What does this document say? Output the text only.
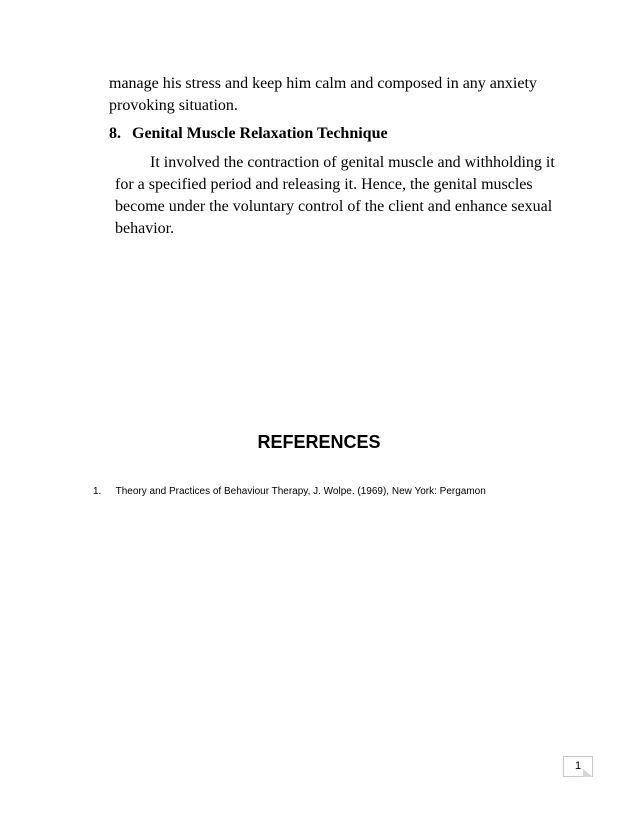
manage his stress and keep him calm and composed in any anxiety provoking situation.
8. Genital Muscle Relaxation Technique
It involved the contraction of genital muscle and withholding it for a specified period and releasing it. Hence, the genital muscles become under the voluntary control of the client and enhance sexual behavior.
REFERENCES
1. Theory and Practices of Behaviour Therapy, J. Wolpe. (1969), New York: Pergamon
1
